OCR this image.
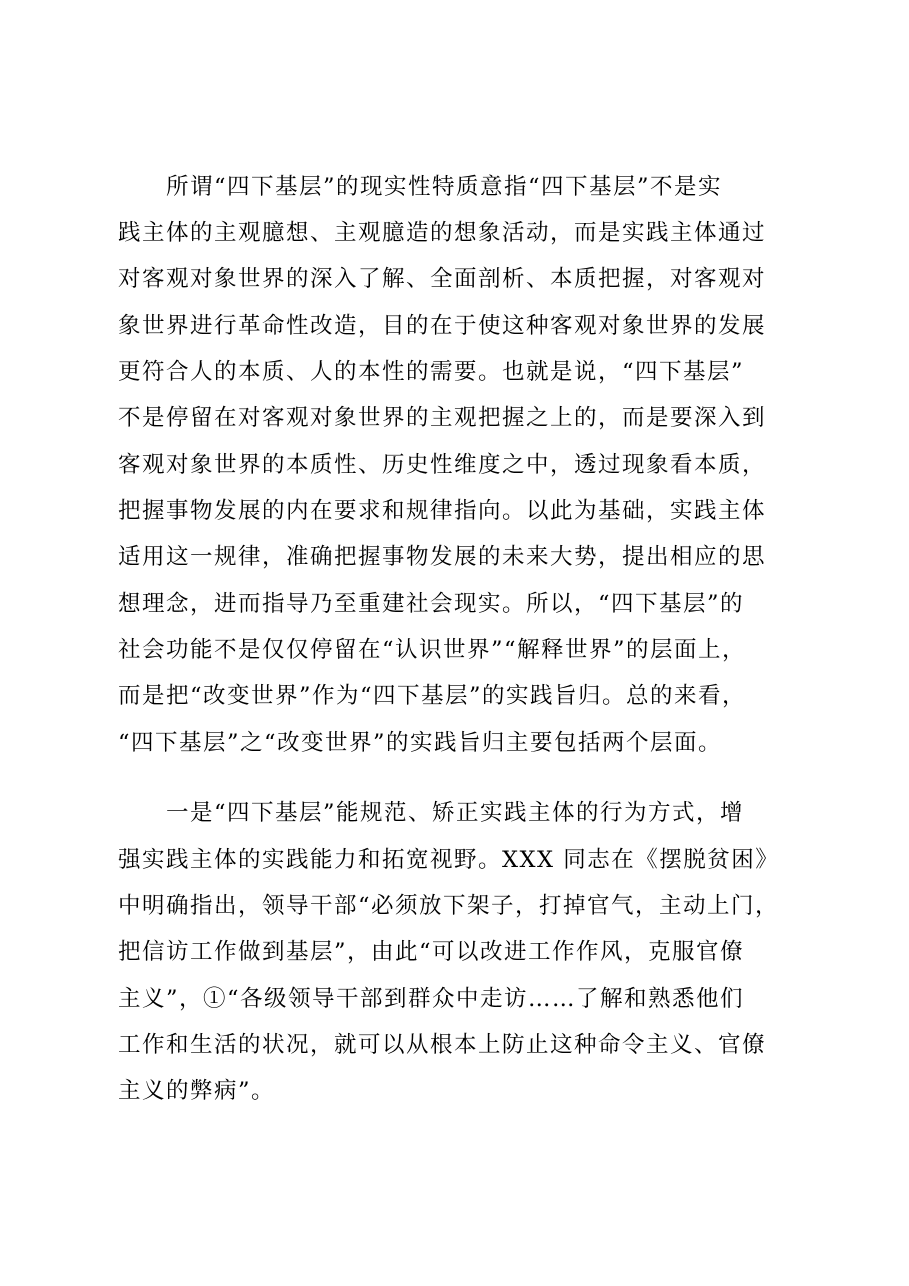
所谓“四下基层”的现实性特质意指“四下基层”不是实
践主体的主观臆想、主观臆造的想象活动，而是实践主体通过
对客观对象世界的深入了解、全面剖析、本质把握，对客观对
象世界进行革命性改造，目的在于使这种客观对象世界的发展
更符合人的本质、人的本性的需要。也就是说，“四下基层”
不是停留在对客观对象世界的主观把握之上的，而是要深入到
客观对象世界的本质性、历史性维度之中，透过现象看本质，
把握事物发展的内在要求和规律指向。以此为基础，实践主体
适用这一规律，准确把握事物发展的未来大势，提出相应的思
想理念，进而指导乃至重建社会现实。所以，“四下基层”的
社会功能不是仅仅停留在“认识世界”“解释世界”的层面上，
而是把“改变世界”作为“四下基层”的实践旨归。总的来看，
“四下基层”之“改变世界”的实践旨归主要包括两个层面。
一是“四下基层”能规范、矫正实践主体的行为方式，增
强实践主体的实践能力和拓宽视野。XXX 同志在《摆脱贫困》
中明确指出，领导干部“必须放下架子，打掉官气，主动上门，
把信访工作做到基层”，由此“可以改进工作作风，克服官僚
主义”，①“各级领导干部到群众中走访……了解和熟悉他们
工作和生活的状况，就可以从根本上防止这种命令主义、官僚
主义的弊病”。
